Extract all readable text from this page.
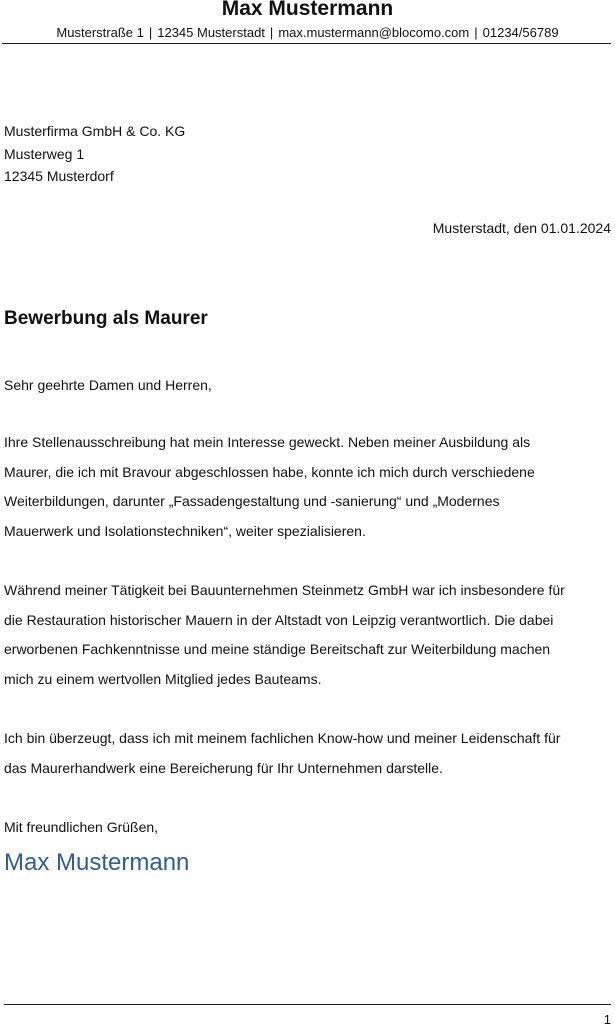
Max Mustermann
Musterstraße 1 | 12345 Musterstadt | max.mustermann@blocomo.com | 01234/56789
Musterfirma GmbH & Co. KG
Musterweg 1
12345 Musterdorf
Musterstadt, den 01.01.2024
Bewerbung als Maurer
Sehr geehrte Damen und Herren,
Ihre Stellenausschreibung hat mein Interesse geweckt. Neben meiner Ausbildung als
Maurer, die ich mit Bravour abgeschlossen habe, konnte ich mich durch verschiedene
Weiterbildungen, darunter „Fassadengestaltung und -sanierung“ und „Modernes
Mauerwerk und Isolationstechniken“, weiter spezialisieren.
Während meiner Tätigkeit bei Bauunternehmen Steinmetz GmbH war ich insbesondere für
die Restauration historischer Mauern in der Altstadt von Leipzig verantwortlich. Die dabei
erworbenen Fachkenntnisse und meine ständige Bereitschaft zur Weiterbildung machen
mich zu einem wertvollen Mitglied jedes Bauteams.
Ich bin überzeugt, dass ich mit meinem fachlichen Know-how und meiner Leidenschaft für
das Maurerhandwerk eine Bereicherung für Ihr Unternehmen darstelle.
Mit freundlichen Grüßen,
Max Mustermann
1
